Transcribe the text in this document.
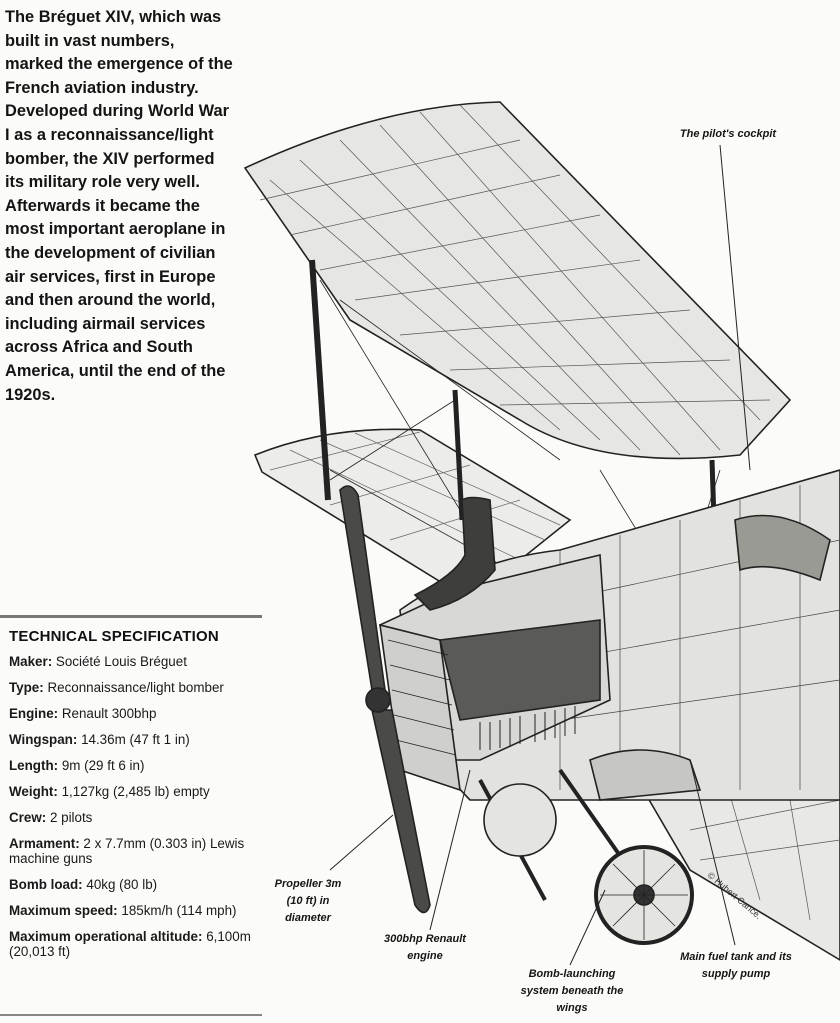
The Bréguet XIV, which was built in vast numbers, marked the emergence of the French aviation industry. Developed during World War I as a reconnaissance/light bomber, the XIV performed its military role very well. Afterwards it became the most important aeroplane in the development of civilian air services, first in Europe and then around the world, including airmail services across Africa and South America, until the end of the 1920s.
The pilot's cockpit
Propeller 3m (10 ft) in diameter
300bhp Renault engine
Bomb-launching system beneath the wings
Main fuel tank and its supply pump
© Hubert Cance.
TECHNICAL SPECIFICATION
Maker: Société Louis Bréguet
Type: Reconnaissance/light bomber
Engine: Renault 300bhp
Wingspan: 14.36m (47 ft 1 in)
Length: 9m (29 ft 6 in)
Weight: 1,127kg (2,485 lb) empty
Crew: 2 pilots
Armament: 2 x 7.7mm (0.303 in) Lewis machine guns
Bomb load: 40kg (80 lb)
Maximum speed: 185km/h (114 mph)
Maximum operational altitude: 6,100m (20,013 ft)
